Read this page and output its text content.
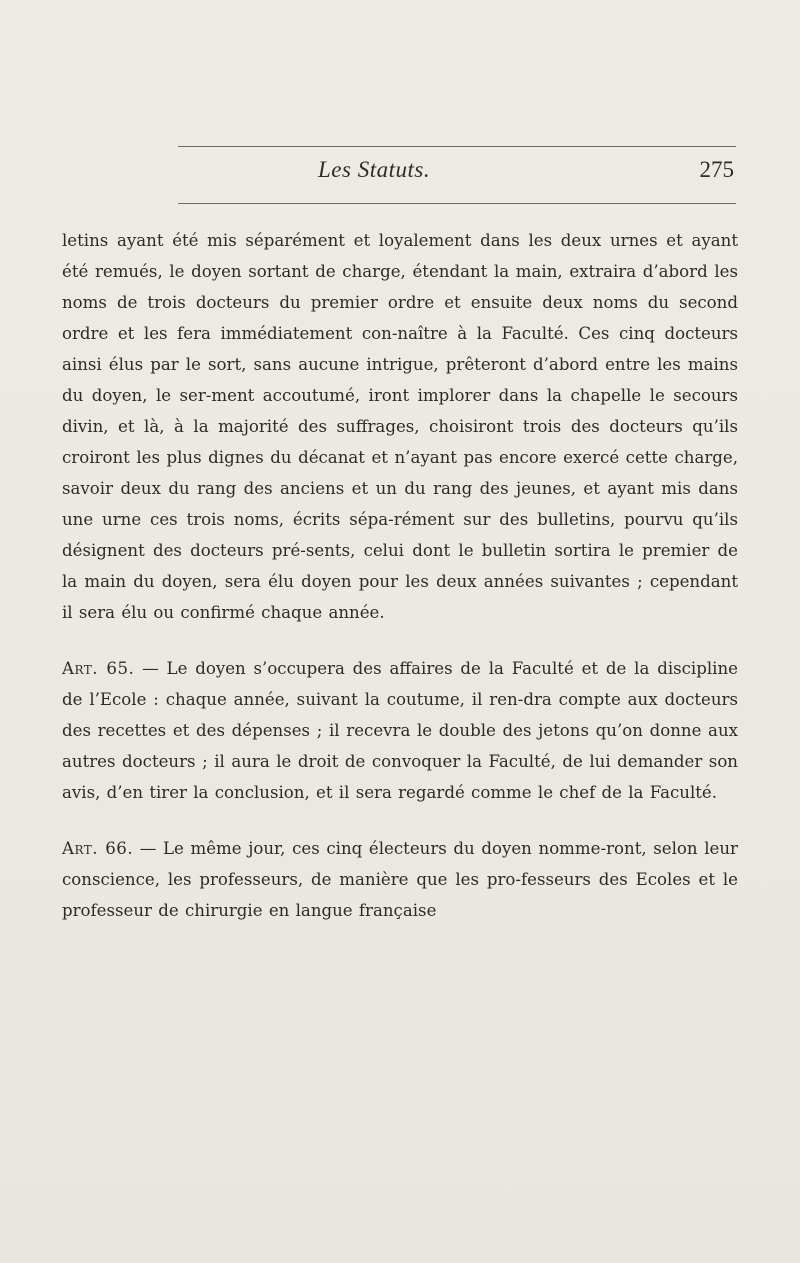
Les Statuts.	275

letins ayant été mis séparément et loyalement dans les deux urnes et ayant été remués, le doyen sortant de charge, étendant la main, extraira d’abord les noms de trois docteurs du premier ordre et ensuite deux noms du second ordre et les fera immédiatement con-naître à la Faculté. Ces cinq docteurs ainsi élus par le sort, sans aucune intrigue, prêteront d’abord entre les mains du doyen, le ser-ment accoutumé, iront implorer dans la chapelle le secours divin, et là, à la majorité des suffrages, choisiront trois des docteurs qu’ils croiront les plus dignes du décanat et n’ayant pas encore exercé cette charge, savoir deux du rang des anciens et un du rang des jeunes, et ayant mis dans une urne ces trois noms, écrits sépa-rément sur des bulletins, pourvu qu’ils désignent des docteurs pré-sents, celui dont le bulletin sortira le premier de la main du doyen, sera élu doyen pour les deux années suivantes ; cependant il sera élu ou confirmé chaque année.

Art. 65. — Le doyen s’occupera des affaires de la Faculté et de la discipline de l’Ecole : chaque année, suivant la coutume, il ren-dra compte aux docteurs des recettes et des dépenses ; il recevra le double des jetons qu’on donne aux autres docteurs ; il aura le droit de convoquer la Faculté, de lui demander son avis, d’en tirer la conclusion, et il sera regardé comme le chef de la Faculté.

Art. 66. — Le même jour, ces cinq électeurs du doyen nomme-ront, selon leur conscience, les professeurs, de manière que les pro-fesseurs des Ecoles et le professeur de chirurgie en langue française
